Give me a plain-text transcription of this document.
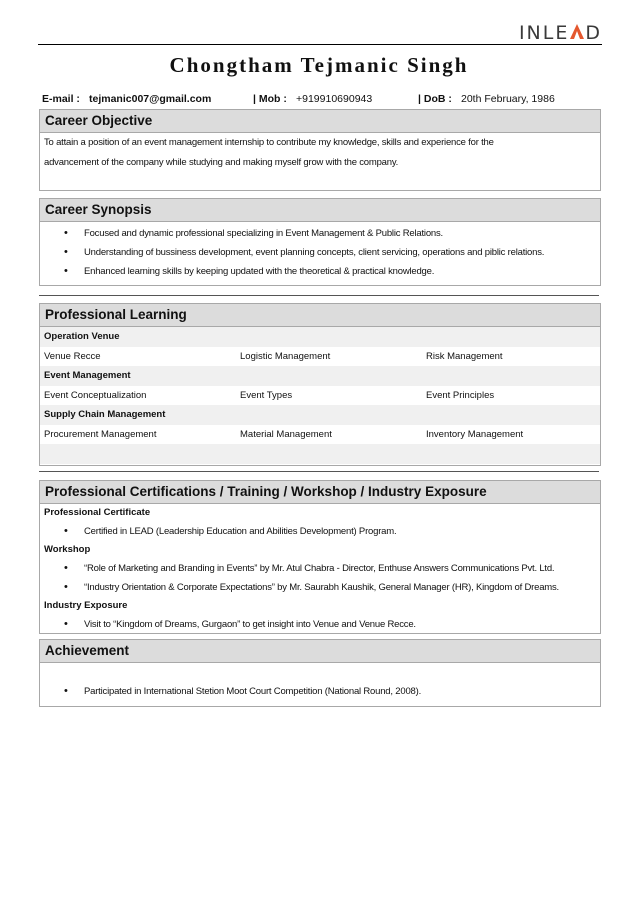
INLE D
Chongtham Tejmanic Singh
E-mail : tejmanic007@gmail.com	| Mob : +919910690943	| DoB : 20th February, 1986
Career Objective
To attain a position of an event management internship to contribute my knowledge, skills and experience for the
advancement of the company while studying and making myself grow with the company.
Career Synopsis
• Focused and dynamic professional specializing in Event Management & Public Relations.
• Understanding of bussiness development, event planning concepts, client servicing, operations and piblic relations.
• Enhanced learning skills by keeping updated with the theoretical & practical knowledge.
Professional Learning
Operation Venue
Venue Recce	Logistic Management	Risk Management
Event Management
Event Conceptualization	Event Types	Event Principles
Supply Chain Management
Procurement Management	Material Management	Inventory Management
Professional Certifications / Training / Workshop / Industry Exposure
Professional Certificate
• Certified in LEAD (Leadership Education and Abilities Development) Program.
Workshop
• “Role of Marketing and Branding in Events” by Mr. Atul Chabra - Director, Enthuse Answers Communications Pvt. Ltd.
• “Industry Orientation & Corporate Expectations” by Mr. Saurabh Kaushik, General Manager (HR), Kingdom of Dreams.
Industry Exposure
• Visit to “Kingdom of Dreams, Gurgaon” to get insight into Venue and Venue Recce.
Achievement
• Participated in International Stetion Moot Court Competition (National Round, 2008).
